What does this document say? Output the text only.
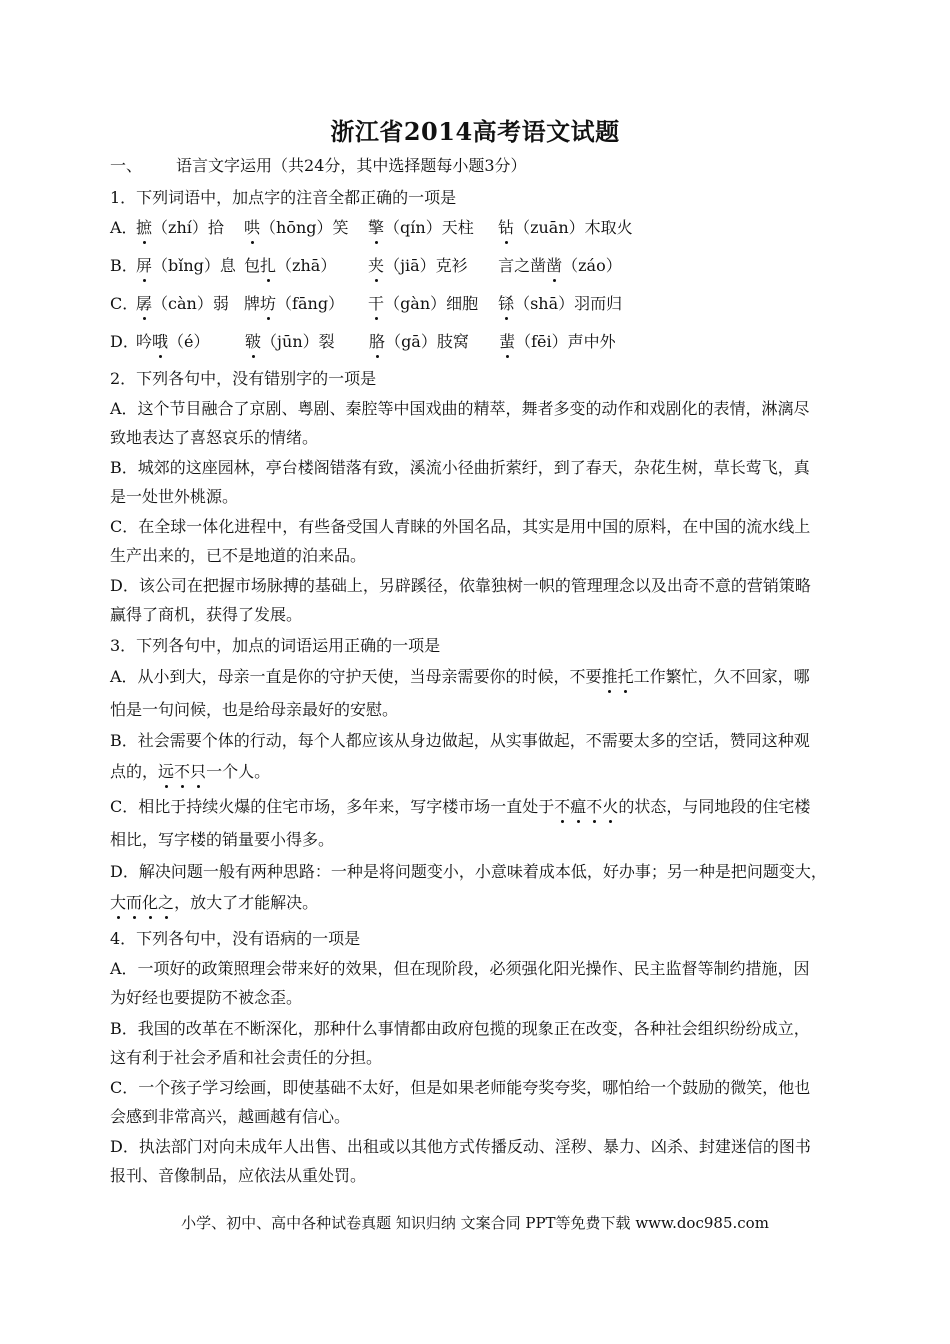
浙江省2014高考语文试题
一、 语言文字运用（共24分，其中选择题每小题3分）
1．下列词语中，加点字的注音全都正确的一项是
A．摭（zhí）拾 哄（hōng）笑 擎（qín）天柱 钻（zuān）木取火
B．屏（bǐng）息 包扎（zhā） 夹（jiā）克衫 言之凿凿（záo）
C．孱（càn）弱 牌坊（fāng） 干（gàn）细胞 铩（shā）羽而归
D．吟哦（é） 皲（jūn）裂 胳（gā）肢窝 蜚（fēi）声中外
2．下列各句中，没有错别字的一项是
A．这个节目融合了京剧、粤剧、秦腔等中国戏曲的精萃，舞者多变的动作和戏剧化的表情，淋漓尽
致地表达了喜怒哀乐的情绪。
B．城郊的这座园林，亭台楼阁错落有致，溪流小径曲折萦纡，到了春天，杂花生树，草长莺飞，真
是一处世外桃源。
C．在全球一体化进程中，有些备受国人青睐的外国名品，其实是用中国的原料，在中国的流水线上
生产出来的，已不是地道的泊来品。
D．该公司在把握市场脉搏的基础上，另辟蹊径，依靠独树一帜的管理理念以及出奇不意的营销策略
赢得了商机，获得了发展。
3．下列各句中，加点的词语运用正确的一项是
A．从小到大，母亲一直是你的守护天使，当母亲需要你的时候，不要推托工作繁忙，久不回家，哪
怕是一句问候，也是给母亲最好的安慰。
B．社会需要个体的行动，每个人都应该从身边做起，从实事做起，不需要太多的空话，赞同这种观
点的，远不只一个人。
C．相比于持续火爆的住宅市场，多年来，写字楼市场一直处于不瘟不火的状态，与同地段的住宅楼
相比，写字楼的销量要小得多。
D．解决问题一般有两种思路：一种是将问题变小，小意味着成本低，好办事；另一种是把问题变大，
大而化之，放大了才能解决。
4．下列各句中，没有语病的一项是
A．一项好的政策照理会带来好的效果，但在现阶段，必须强化阳光操作、民主监督等制约措施，因
为好经也要提防不被念歪。
B．我国的改革在不断深化，那种什么事情都由政府包揽的现象正在改变，各种社会组织纷纷成立，
这有利于社会矛盾和社会责任的分担。
C．一个孩子学习绘画，即使基础不太好，但是如果老师能夸奖夸奖，哪怕给一个鼓励的微笑，他也
会感到非常高兴，越画越有信心。
D．执法部门对向未成年人出售、出租或以其他方式传播反动、淫秽、暴力、凶杀、封建迷信的图书
报刊、音像制品，应依法从重处罚。
小学、初中、高中各种试卷真题 知识归纳 文案合同 PPT等免费下载 www.doc985.com
